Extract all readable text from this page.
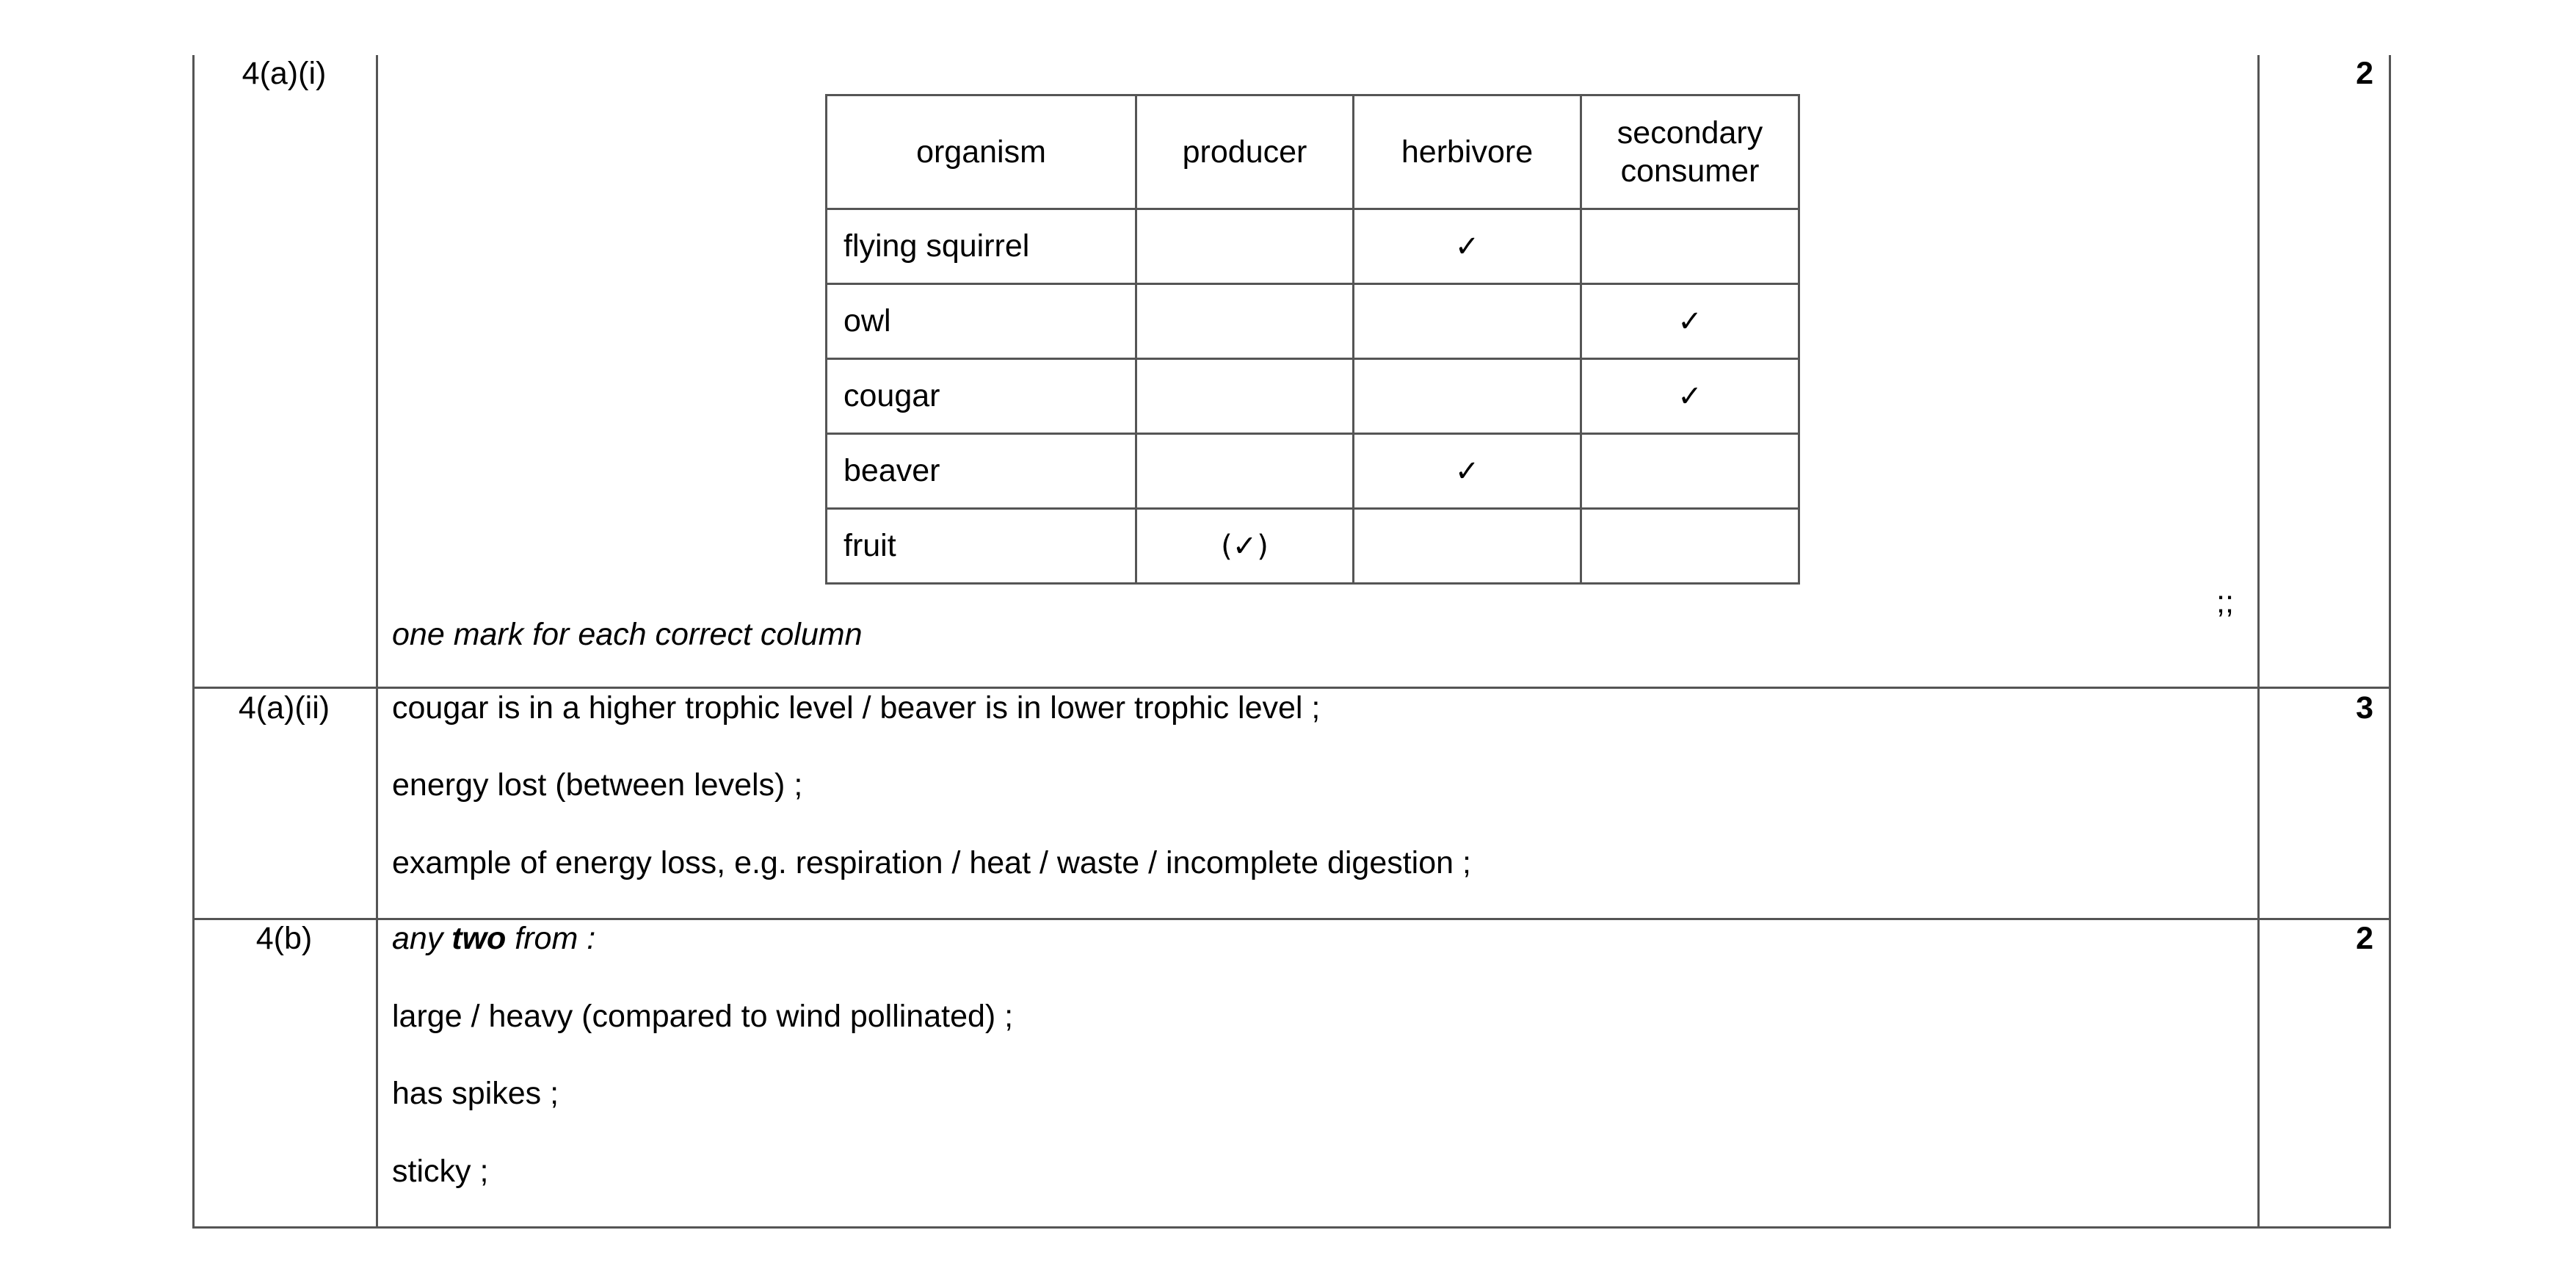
4(a)(i)	2
organism	producer	herbivore	secondary
consumer
flying squirrel		✓	
owl			✓
cougar			✓
beaver		✓	
fruit	(✓)		
;;
one mark for each correct column
4(a)(ii)	3
cougar is in a higher trophic level / beaver is in lower trophic level ;
energy lost (between levels) ;
example of energy loss, e.g. respiration / heat / waste / incomplete digestion ;
4(b)	2
any two from :
large / heavy (compared to wind pollinated) ;
has spikes ;
sticky ;
